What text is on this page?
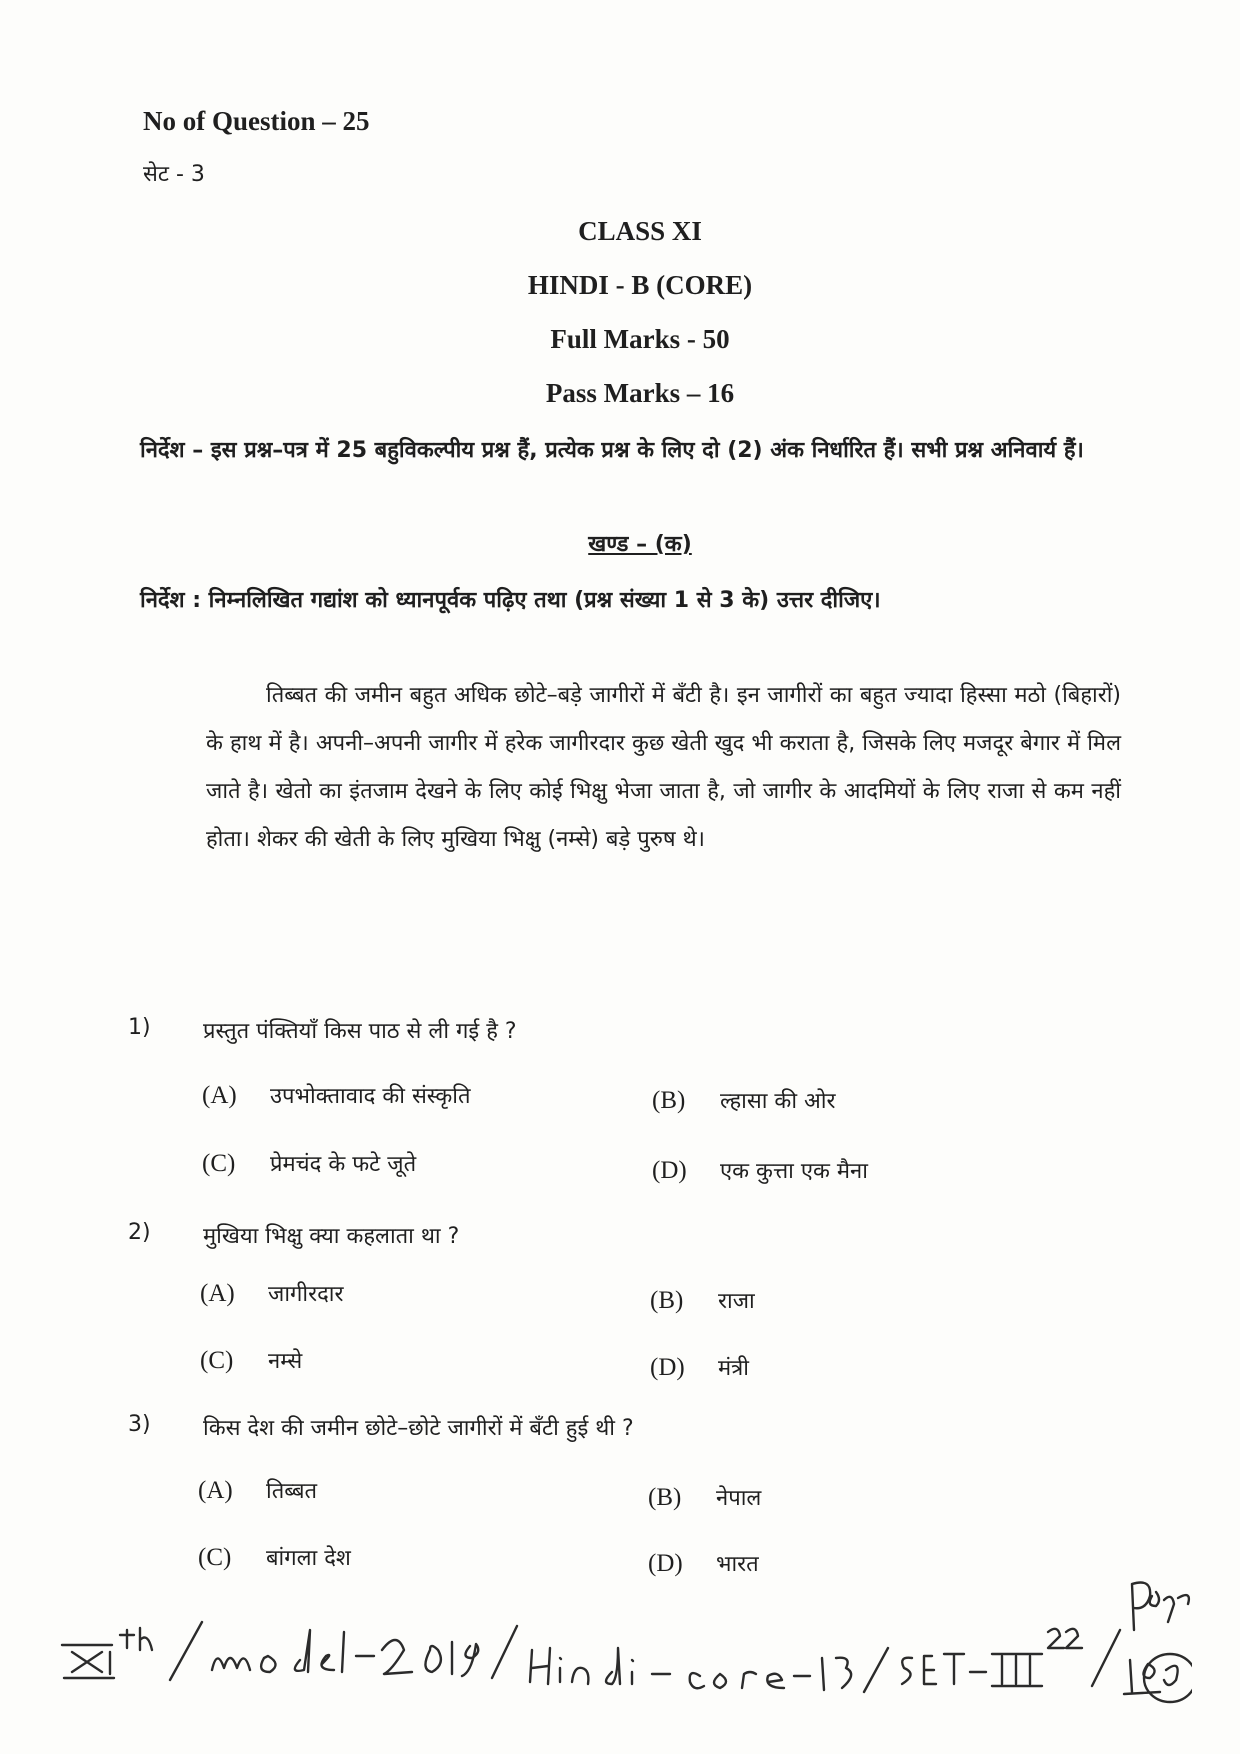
No of Question – 25
सेट - 3
CLASS XI
HINDI - B (CORE)
Full Marks - 50
Pass Marks – 16
निर्देश – इस प्रश्न–पत्र में 25 बहुविकल्पीय प्रश्न हैं, प्रत्येक प्रश्न के लिए दो (2) अंक निर्धारित हैं। सभी प्रश्न अनिवार्य हैं।
खण्ड – (क)
निर्देश : निम्नलिखित गद्यांश को ध्यानपूर्वक पढ़िए तथा (प्रश्न संख्या 1 से 3 के) उत्तर दीजिए।
तिब्बत की जमीन बहुत अधिक छोटे–बड़े जागीरों में बँटी है। इन जागीरों का बहुत ज्यादा हिस्सा मठो (बिहारों) के हाथ में है। अपनी–अपनी जागीर में हरेक जागीरदार कुछ खेती खुद भी कराता है, जिसके लिए मजदूर बेगार में मिल जाते है। खेतो का इंतजाम देखने के लिए कोई भिक्षु भेजा जाता है, जो जागीर के आदमियों के लिए राजा से कम नहीं होता। शेकर की खेती के लिए मुखिया भिक्षु (नम्से) बड़े पुरुष थे।
1) प्रस्तुत पंक्तियाँ किस पाठ से ली गई है ?
(A) उपभोक्तावाद की संस्कृति	(B) ल्हासा की ओर
(C) प्रेमचंद के फटे जूते	(D) एक कुत्ता एक मैना
2) मुखिया भिक्षु क्या कहलाता था ?
(A) जागीरदार	(B) राजा
(C) नम्से	(D) मंत्री
3) किस देश की जमीन छोटे–छोटे जागीरों में बँटी हुई थी ?
(A) तिब्बत	(B) नेपाल
(C) बांगला देश	(D) भारत
